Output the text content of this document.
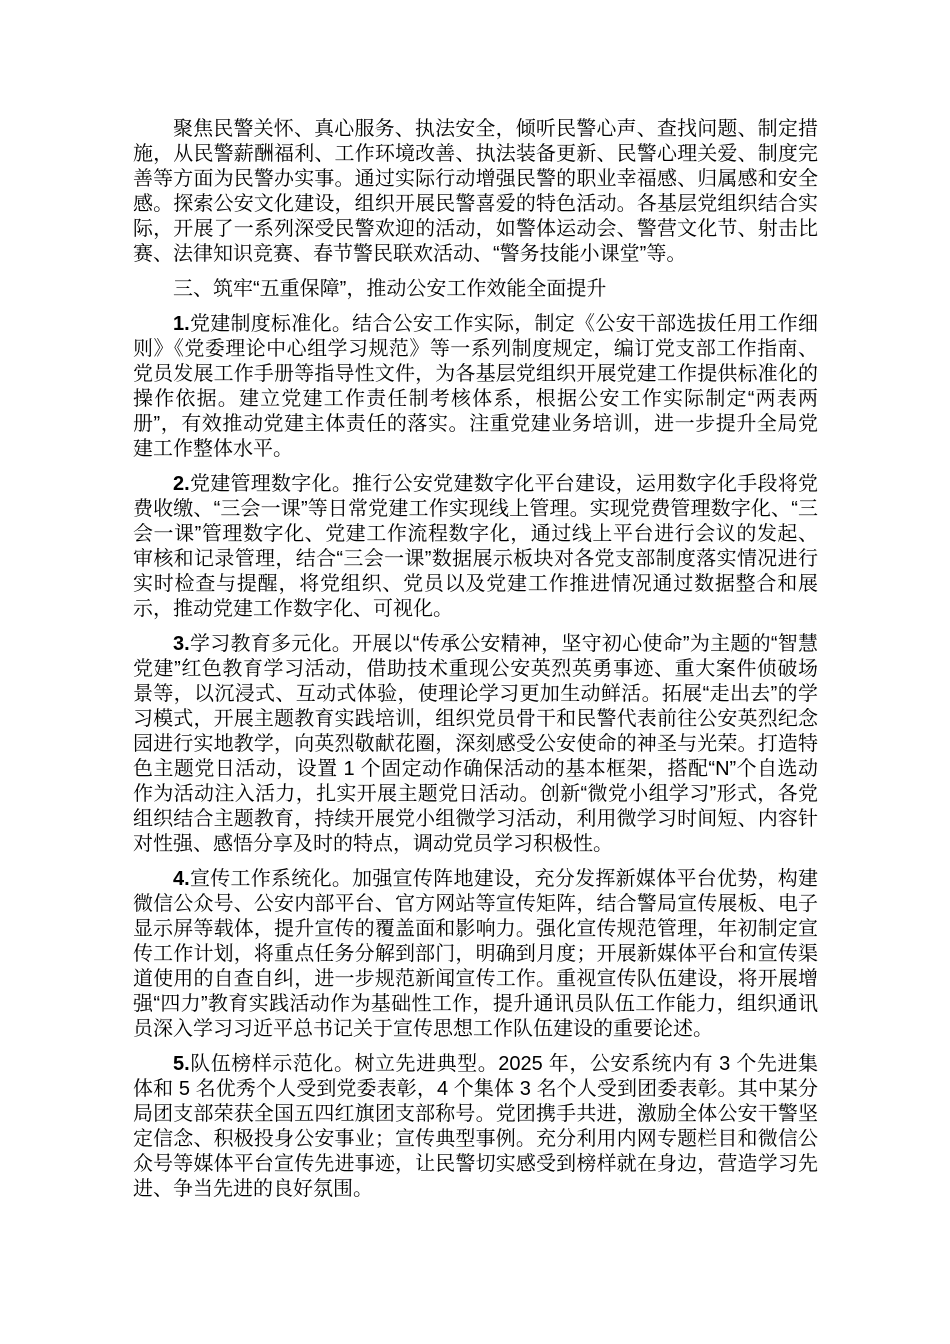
聚焦民警关怀、真心服务、执法安全，倾听民警心声、查找问题、制定措施，从民警薪酬福利、工作环境改善、执法装备更新、民警心理关爱、制度完善等方面为民警办实事。通过实际行动增强民警的职业幸福感、归属感和安全感。探索公安文化建设，组织开展民警喜爱的特色活动。各基层党组织结合实际，开展了一系列深受民警欢迎的活动，如警体运动会、警营文化节、射击比赛、法律知识竞赛、春节警民联欢活动、“警务技能小课堂”等。

三、筑牢“五重保障”，推动公安工作效能全面提升

1.党建制度标准化。结合公安工作实际，制定《公安干部选拔任用工作细则》《党委理论中心组学习规范》等一系列制度规定，编订党支部工作指南、党员发展工作手册等指导性文件，为各基层党组织开展党建工作提供标准化的操作依据。建立党建工作责任制考核体系，根据公安工作实际制定“两表两册”，有效推动党建主体责任的落实。注重党建业务培训，进一步提升全局党建工作整体水平。

2.党建管理数字化。推行公安党建数字化平台建设，运用数字化手段将党费收缴、“三会一课”等日常党建工作实现线上管理。实现党费管理数字化、“三会一课”管理数字化、党建工作流程数字化，通过线上平台进行会议的发起、审核和记录管理，结合“三会一课”数据展示板块对各党支部制度落实情况进行实时检查与提醒，将党组织、党员以及党建工作推进情况通过数据整合和展示，推动党建工作数字化、可视化。

3.学习教育多元化。开展以“传承公安精神，坚守初心使命”为主题的“智慧党建”红色教育学习活动，借助技术重现公安英烈英勇事迹、重大案件侦破场景等，以沉浸式、互动式体验，使理论学习更加生动鲜活。拓展“走出去”的学习模式，开展主题教育实践培训，组织党员骨干和民警代表前往公安英烈纪念园进行实地教学，向英烈敬献花圈，深刻感受公安使命的神圣与光荣。打造特色主题党日活动，设置 1 个固定动作确保活动的基本框架，搭配“N”个自选动作为活动注入活力，扎实开展主题党日活动。创新“微党小组学习”形式，各党组织结合主题教育，持续开展党小组微学习活动，利用微学习时间短、内容针对性强、感悟分享及时的特点，调动党员学习积极性。

4.宣传工作系统化。加强宣传阵地建设，充分发挥新媒体平台优势，构建微信公众号、公安内部平台、官方网站等宣传矩阵，结合警局宣传展板、电子显示屏等载体，提升宣传的覆盖面和影响力。强化宣传规范管理，年初制定宣传工作计划，将重点任务分解到部门，明确到月度；开展新媒体平台和宣传渠道使用的自查自纠，进一步规范新闻宣传工作。重视宣传队伍建设，将开展增强“四力”教育实践活动作为基础性工作，提升通讯员队伍工作能力，组织通讯员深入学习习近平总书记关于宣传思想工作队伍建设的重要论述。

5.队伍榜样示范化。树立先进典型。2025 年，公安系统内有 3 个先进集体和 5 名优秀个人受到党委表彰，4 个集体 3 名个人受到团委表彰。其中某分局团支部荣获全国五四红旗团支部称号。党团携手共进，激励全体公安干警坚定信念、积极投身公安事业；宣传典型事例。充分利用内网专题栏目和微信公众号等媒体平台宣传先进事迹，让民警切实感受到榜样就在身边，营造学习先进、争当先进的良好氛围。
